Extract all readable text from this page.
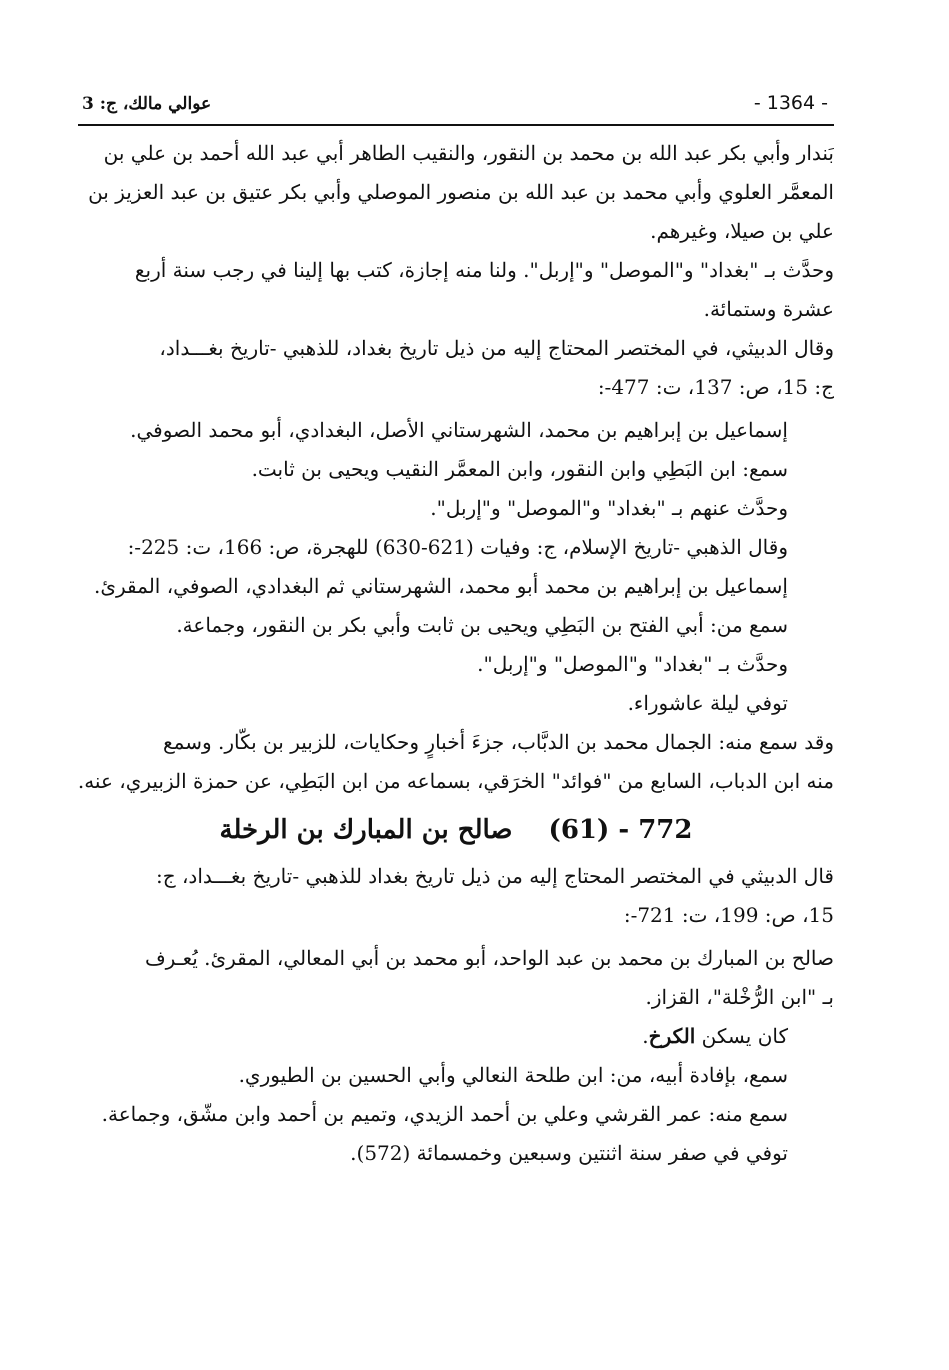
- 1364 -
عوالي مالك، ج: 3
بَندار وأبي بكر عبد الله بن محمد بن النقور، والنقيب الطاهر أبي عبد الله أحمد بن علي بن
المعمَّر العلوي وأبي محمد بن عبد الله بن منصور الموصلي وأبي بكر عتيق بن عبد العزيز بن
علي بن صيلا، وغيرهم.
وحدَّث بـ "بغداد" و"الموصل" و"إربل". ولنا منه إجازة، كتب بها إلينا في رجب سنة أربع
عشرة وستمائة.
وقال الدبيثي، في المختصر المحتاج إليه من ذيل تاريخ بغداد، للذهبي -تاريخ بغـــداد،
ج: 15، ص: 137، ت: 477-:
إسماعيل بن إبراهيم بن محمد، الشهرستاني الأصل، البغدادي، أبو محمد الصوفي.
سمع: ابن البَطِي وابن النقور، وابن المعمَّر النقيب ويحيى بن ثابت.
وحدَّث عنهم بـ "بغداد" و"الموصل" و"إربل".
وقال الذهبي -تاريخ الإسلام، ج: وفيات (621-630) للهجرة، ص: 166، ت: 225-:
إسماعيل بن إبراهيم بن محمد أبو محمد، الشهرستاني ثم البغدادي، الصوفي، المقرئ.
سمع من: أبي الفتح بن البَطِي ويحيى بن ثابت وأبي بكر بن النقور، وجماعة.
وحدَّث بـ "بغداد" و"الموصل" و"إربل".
توفي ليلة عاشوراء.
وقد سمع منه: الجمال محمد بن الدبَّاب، جزءَ أخبارٍ وحكايات، للزبير بن بكّار. وسمع
منه ابن الدباب، السابع من "فوائد" الخرَقي، بسماعه من ابن البَطِي، عن حمزة الزبيري، عنه.
772 - (61)صالح بن المبارك بن الرخلة
قال الدبيثي في المختصر المحتاج إليه من ذيل تاريخ بغداد للذهبي -تاريخ بغـــداد، ج:
15، ص: 199، ت: 721-:
صالح بن المبارك بن محمد بن عبد الواحد، أبو محمد بن أبي المعالي، المقرئ. يُعـرف
بـ "ابن الرُّخْلة"، القزاز.
كان يسكن الكرخ.
سمع، بإفادة أبيه، من: ابن طلحة النعالي وأبي الحسين بن الطيوري.
سمع منه: عمر القرشي وعلي بن أحمد الزيدي، وتميم بن أحمد وابن مشّق، وجماعة.
توفي في صفر سنة اثنتين وسبعين وخمسمائة (572).
